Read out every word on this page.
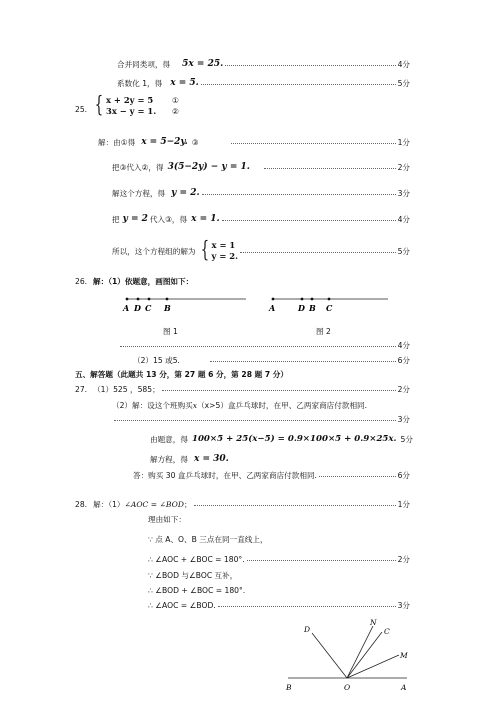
合并同类项，得 5x = 25.	4分
系数化 1，得 x = 5.	5分
25. { x + 2y = 5	①
3x − y = 1.	②
解：由①得 x = 5−2y. ③	1分
把③代入②，得 3(5−2y) − y = 1.	2分
解这个方程，得 y = 2.	3分
把 y = 2 代入③，得 x = 1.	4分
所以，这个方程组的解为 { x = 1
y = 2.	5分
26. 解：（1）依题意，画图如下：
A D C B	A	D B C
图 1	图 2
4分
（2）15 或5.	6分
五、解答题（此题共 13 分，第 27 题 6 分，第 28 题 7 分）
27. （1）525 ，585；	2分
（2）解：设这个班购买x（x>5）盒乒乓球时，在甲、乙两家商店付款相同.
3分
由题意，得 100×5 + 25(x−5) = 0.9×100×5 + 0.9×25x. 5分
解方程，得 x = 30.
答：购买 30 盒乒乓球时，在甲、乙两家商店付款相同.	6分
28. 解：（1） ∠AOC = ∠BOD ；	1分
理由如下：
∵ 点 A、O、B 三点在同一直线上，
∴ ∠AOC + ∠BOC = 180°.	2分
∵ ∠BOD 与∠BOC 互补，
∴ ∠BOD + ∠BOC = 180°.
∴ ∠AOC = ∠BOD.	3分
D
N
C
M
B	O	A
